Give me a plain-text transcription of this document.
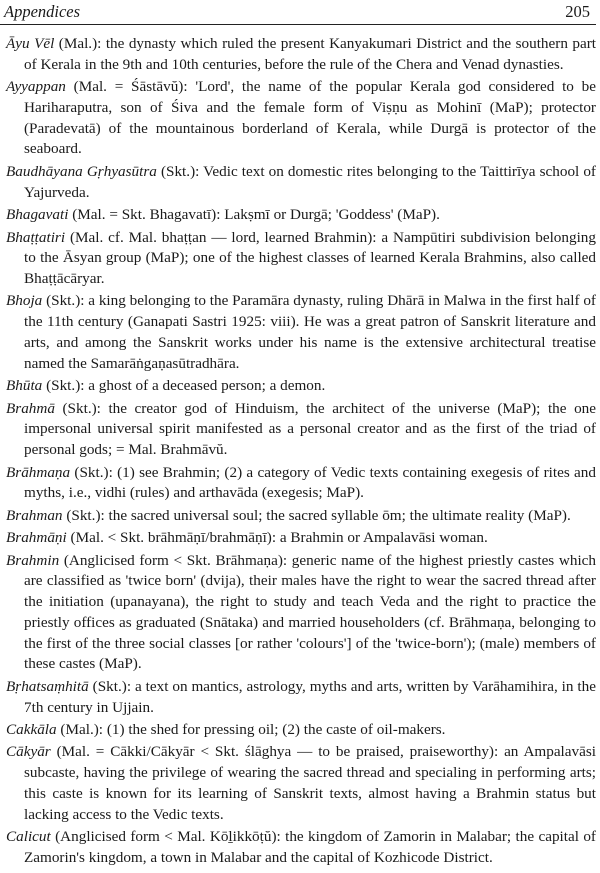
Appendices	205

Āyu Vēl (Mal.): the dynasty which ruled the present Kanyakumari District and the southern part of Kerala in the 9th and 10th centuries, before the rule of the Chera and Venad dynasties.

Ayyappan (Mal. = Śāstāvŭ): 'Lord', the name of the popular Kerala god considered to be Hariharaputra, son of Śiva and the female form of Viṣṇu as Mohinī (MaP); protector (Paradevatā) of the mountainous borderland of Kerala, while Durgā is protector of the seaboard.

Baudhāyana Gṛhyasūtra (Skt.): Vedic text on domestic rites belonging to the Taittirīya school of Yajurveda.

Bhagavati (Mal. = Skt. Bhagavatī): Lakṣmī or Durgā; 'Goddess' (MaP).

Bhaṭṭatiri (Mal. cf. Mal. bhaṭṭan — lord, learned Brahmin): a Nampūtiri subdivision belonging to the Āsyan group (MaP); one of the highest classes of learned Kerala Brahmins, also called Bhaṭṭācāryar.

Bhoja (Skt.): a king belonging to the Paramāra dynasty, ruling Dhārā in Malwa in the first half of the 11th century (Ganapati Sastri 1925: viii). He was a great patron of Sanskrit literature and arts, and among the Sanskrit works under his name is the extensive architectural treatise named the Samarāṅgaṇasūtradhāra.

Bhūta (Skt.): a ghost of a deceased person; a demon.

Brahmā (Skt.): the creator god of Hinduism, the architect of the universe (MaP); the one impersonal universal spirit manifested as a personal creator and as the first of the triad of personal gods; = Mal. Brahmāvŭ.

Brāhmaṇa (Skt.): (1) see Brahmin; (2) a category of Vedic texts containing exegesis of rites and myths, i.e., vidhi (rules) and arthavāda (exegesis; MaP).

Brahman (Skt.): the sacred universal soul; the sacred syllable ōm; the ultimate reality (MaP).

Brahmāṇi (Mal. < Skt. brāhmāṇī/brahmāṇī): a Brahmin or Ampalavāsi woman.

Brahmin (Anglicised form < Skt. Brāhmaṇa): generic name of the highest priestly castes which are classified as 'twice born' (dvija), their males have the right to wear the sacred thread after the initiation (upanayana), the right to study and teach Veda and the right to practice the priestly offices as graduated (Snātaka) and married householders (cf. Brāhmaṇa, belonging to the first of the three social classes [or rather 'colours'] of the 'twice-born'); (male) members of these castes (MaP).

Bṛhatsaṃhitā (Skt.): a text on mantics, astrology, myths and arts, written by Varāhamihira, in the 7th century in Ujjain.

Cakkāla (Mal.): (1) the shed for pressing oil; (2) the caste of oil-makers.

Cākyār (Mal. = Cākki/Cākyār < Skt. ślāghya — to be praised, praiseworthy): an Ampalavāsi subcaste, having the privilege of wearing the sacred thread and specialing in performing arts; this caste is known for its learning of Sanskrit texts, almost having a Brahmin status but lacking access to the Vedic texts.

Calicut (Anglicised form < Mal. Kōḻikkōṭŭ): the kingdom of Zamorin in Malabar; the capital of Zamorin's kingdom, a town in Malabar and the capital of Kozhicode District.
